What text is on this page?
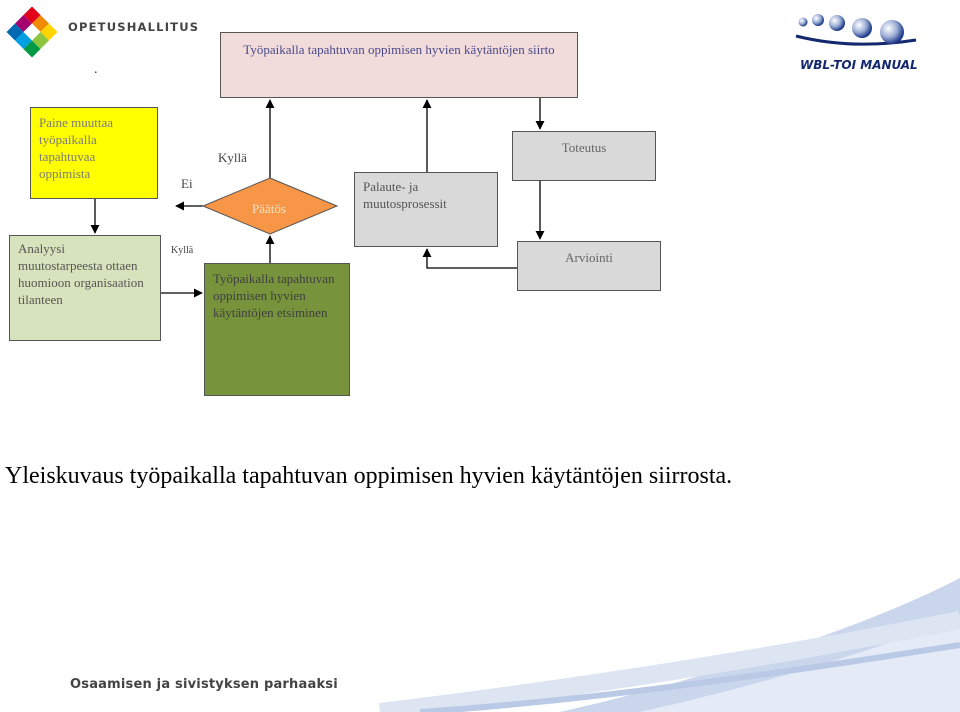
OPETUSHALLITUS
.	WBL-TOI MANUAL
Työpaikalla tapahtuvan oppimisen hyvien käytäntöjen siirto
Paine muuttaa työpaikalla tapahtuvaa oppimista
Analyysi muutostarpeesta ottaen huomioon organisaation tilanteen
Työpaikalla tapahtuvan oppimisen hyvien käytäntöjen etsiminen
Palaute- ja muutosprosessit
Toteutus
Arviointi
Päätös
Kyllä
Ei
Kyllä
Yleiskuvaus työpaikalla tapahtuvan oppimisen hyvien käytäntöjen siirrosta.
Osaamisen ja sivistyksen parhaaksi
